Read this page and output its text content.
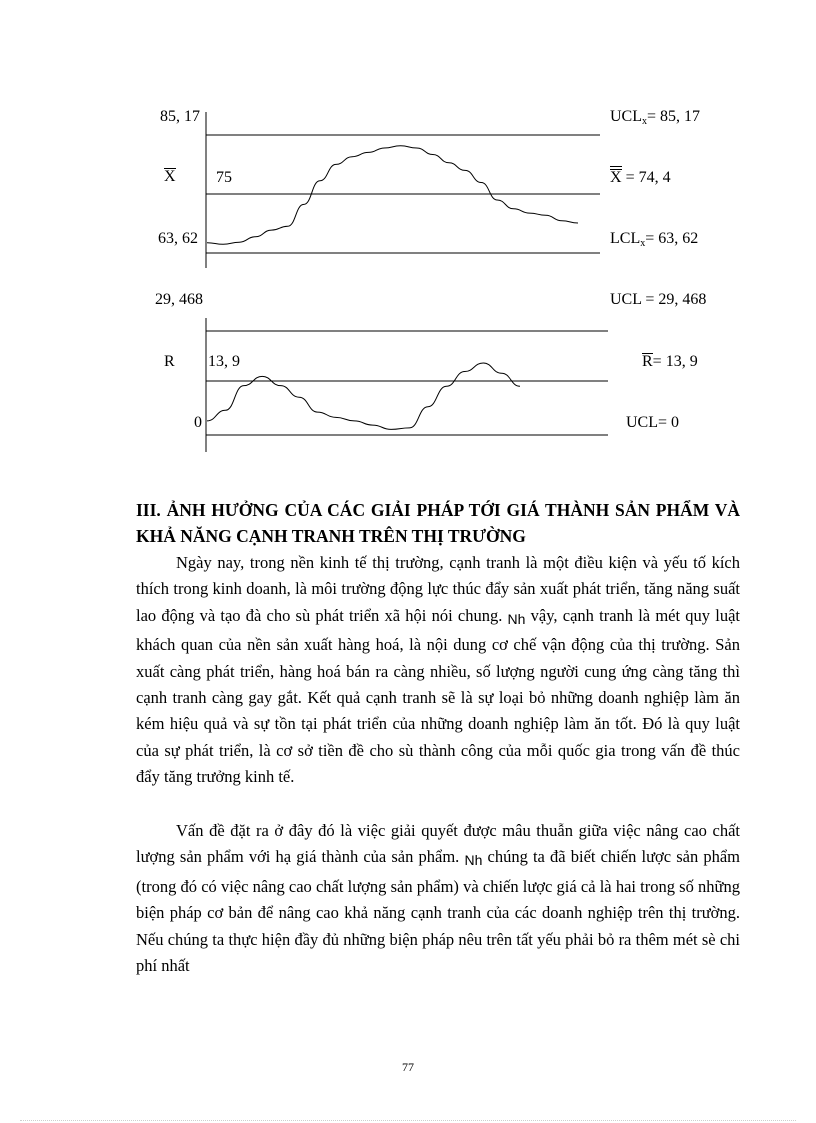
85, 17
X
63, 62
75
$UCL_x= 85$, 17
X = 74, 4
$LCL_x= 63$, 62
29, 468
R
0
13, 9
UCL = 29, 468
R= 13, 9
UCL= 0
III. ẢNH HƯỞNG CỦA CÁC GIẢI PHÁP TỚI GIÁ THÀNH SẢN PHẨM VÀ KHẢ NĂNG CẠNH TRANH TRÊN THỊ TRƯỜNG
Ngày nay, trong nền kinh tế thị trường, cạnh tranh là một điều kiện và yếu tố kích thích trong kinh doanh, là môi trường động lực thúc đẩy sản xuất phát triển, tăng năng suất lao động và tạo đà cho sù phát triển xã hội nói chung. Nh vậy, cạnh tranh là mét quy luật khách quan của nền sản xuất hàng hoá, là nội dung cơ chế vận động của thị trường. Sản xuất càng phát triển, hàng hoá bán ra càng nhiều, số lượng người cung ứng càng tăng thì cạnh tranh càng gay gắt. Kết quả cạnh tranh sẽ là sự loại bỏ những doanh nghiệp làm ăn kém hiệu quả và sự tồn tại phát triển của những doanh nghiệp làm ăn tốt. Đó là quy luật của sự phát triển, là cơ sở tiền đề cho sù thành công của mỗi quốc gia trong vấn đề thúc đẩy tăng trưởng kinh tế.
Vấn đề đặt ra ở đây đó là việc giải quyết được mâu thuẫn giữa việc nâng cao chất lượng sản phẩm với hạ giá thành của sản phẩm. Nh chúng ta đã biết chiến lược sản phẩm (trong đó có việc nâng cao chất lượng sản phẩm) và chiến lược giá cả là hai trong số những biện pháp cơ bản để nâng cao khả năng cạnh tranh của các doanh nghiệp trên thị trường. Nếu chúng ta thực hiện đầy đủ những biện pháp nêu trên tất yếu phải bỏ ra thêm mét sè chi phí nhất
77
